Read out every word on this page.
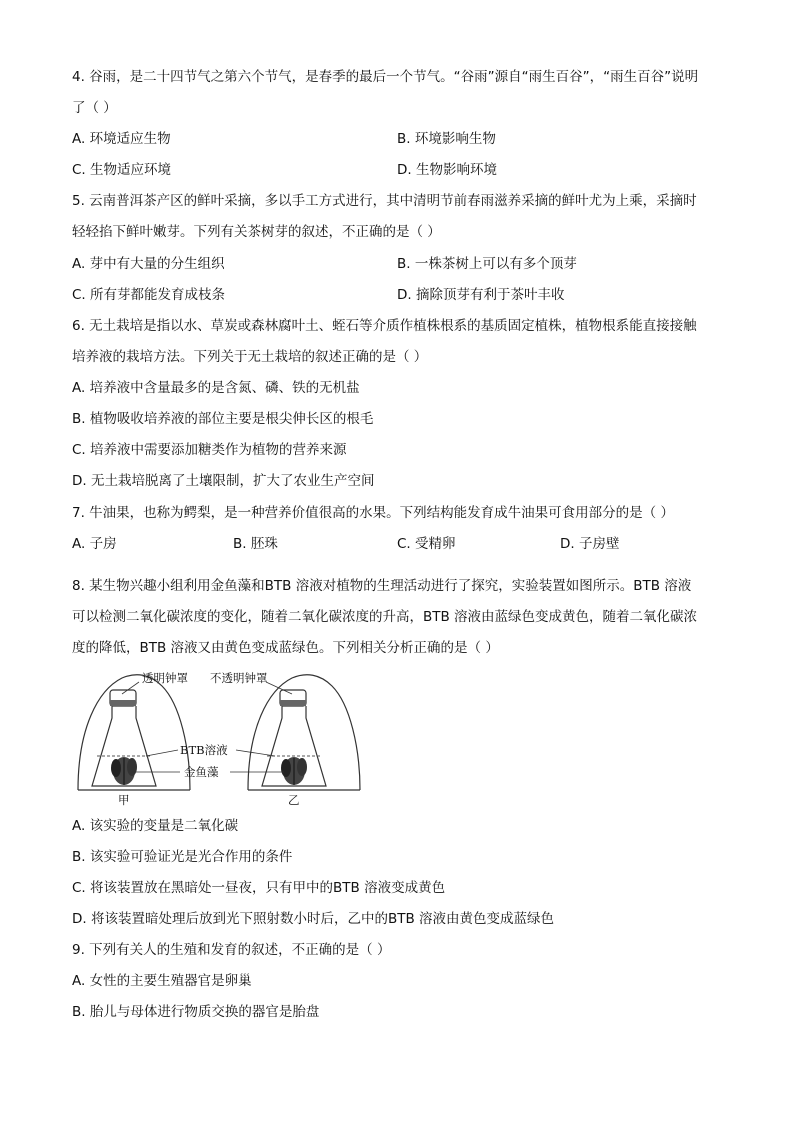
4. 谷雨，是二十四节气之第六个节气，是春季的最后一个节气。“谷雨”源自“雨生百谷”，“雨生百谷”说明
了（ ）
A. 环境适应生物	B. 环境影响生物
C. 生物适应环境	D. 生物影响环境
5. 云南普洱茶产区的鲜叶采摘，多以手工方式进行，其中清明节前春雨滋养采摘的鲜叶尤为上乘，采摘时
轻轻掐下鲜叶嫩芽。下列有关茶树芽的叙述，不正确的是（ ）
A. 芽中有大量的分生组织	B. 一株茶树上可以有多个顶芽
C. 所有芽都能发育成枝条	D. 摘除顶芽有利于茶叶丰收
6. 无土栽培是指以水、草炭或森林腐叶土、蛭石等介质作植株根系的基质固定植株，植物根系能直接接触
培养液的栽培方法。下列关于无土栽培的叙述正确的是（ ）
A. 培养液中含量最多的是含氮、磷、铁的无机盐
B. 植物吸收培养液的部位主要是根尖伸长区的根毛
C. 培养液中需要添加糖类作为植物的营养来源
D. 无土栽培脱离了土壤限制，扩大了农业生产空间
7. 牛油果，也称为鳄梨，是一种营养价值很高的水果。下列结构能发育成牛油果可食用部分的是（ ）
A. 子房	B. 胚珠	C. 受精卵	D. 子房壁
8. 某生物兴趣小组利用金鱼藻和BTB 溶液对植物的生理活动进行了探究，实验装置如图所示。BTB 溶液
可以检测二氧化碳浓度的变化，随着二氧化碳浓度的升高，BTB 溶液由蓝绿色变成黄色，随着二氧化碳浓
度的降低，BTB 溶液又由黄色变成蓝绿色。下列相关分析正确的是（ ）
透明钟罩 不透明钟罩
BTB溶液
金鱼藻
甲	乙
A. 该实验的变量是二氧化碳
B. 该实验可验证光是光合作用的条件
C. 将该装置放在黑暗处一昼夜，只有甲中的BTB 溶液变成黄色
D. 将该装置暗处理后放到光下照射数小时后，乙中的BTB 溶液由黄色变成蓝绿色
9. 下列有关人的生殖和发育的叙述，不正确的是（ ）
A. 女性的主要生殖器官是卵巢
B. 胎儿与母体进行物质交换的器官是胎盘
